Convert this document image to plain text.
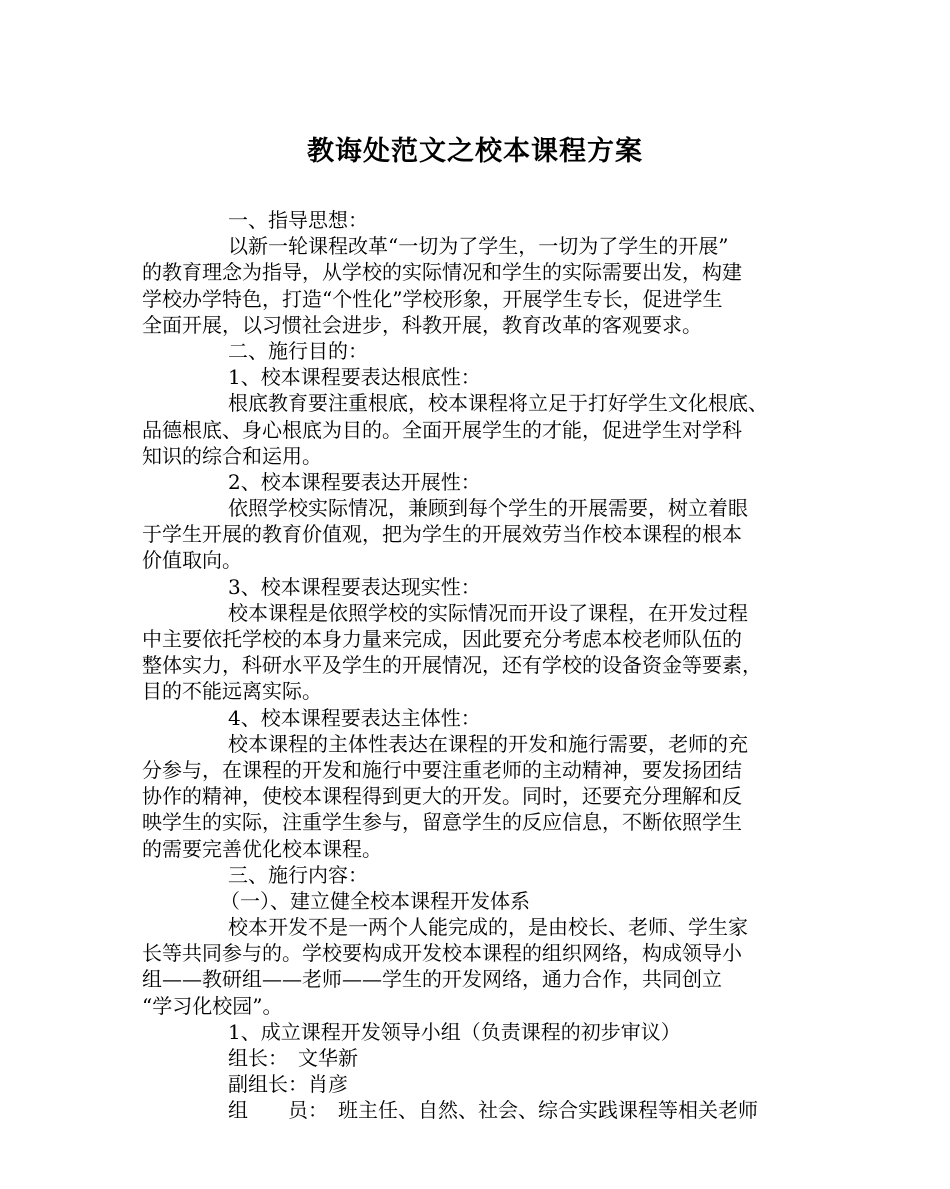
教诲处范文之校本课程方案
一、指导思想：
以新一轮课程改革“一切为了学生，一切为了学生的开展”
的教育理念为指导，从学校的实际情况和学生的实际需要出发，构建
学校办学特色，打造“个性化”学校形象，开展学生专长，促进学生
全面开展，以习惯社会进步，科教开展，教育改革的客观要求。
二、施行目的：
1、校本课程要表达根底性：
根底教育要注重根底，校本课程将立足于打好学生文化根底、
品德根底、身心根底为目的。全面开展学生的才能，促进学生对学科
知识的综合和运用。
2、校本课程要表达开展性：
依照学校实际情况，兼顾到每个学生的开展需要，树立着眼
于学生开展的教育价值观，把为学生的开展效劳当作校本课程的根本
价值取向。
3、校本课程要表达现实性：
校本课程是依照学校的实际情况而开设了课程，在开发过程
中主要依托学校的本身力量来完成，因此要充分考虑本校老师队伍的
整体实力，科研水平及学生的开展情况，还有学校的设备资金等要素，
目的不能远离实际。
4、校本课程要表达主体性：
校本课程的主体性表达在课程的开发和施行需要，老师的充
分参与，在课程的开发和施行中要注重老师的主动精神，要发扬团结
协作的精神，使校本课程得到更大的开发。同时，还要充分理解和反
映学生的实际，注重学生参与，留意学生的反应信息，不断依照学生
的需要完善优化校本课程。
三、施行内容：
（一）、建立健全校本课程开发体系
校本开发不是一两个人能完成的，是由校长、老师、学生家
长等共同参与的。学校要构成开发校本课程的组织网络，构成领导小
组——教研组——老师——学生的开发网络，通力合作，共同创立
“学习化校园”。
1、成立课程开发领导小组（负责课程的初步审议）
组长：　文华新
副组长：肖彦
组　　员：　班主任、自然、社会、综合实践课程等相关老师
